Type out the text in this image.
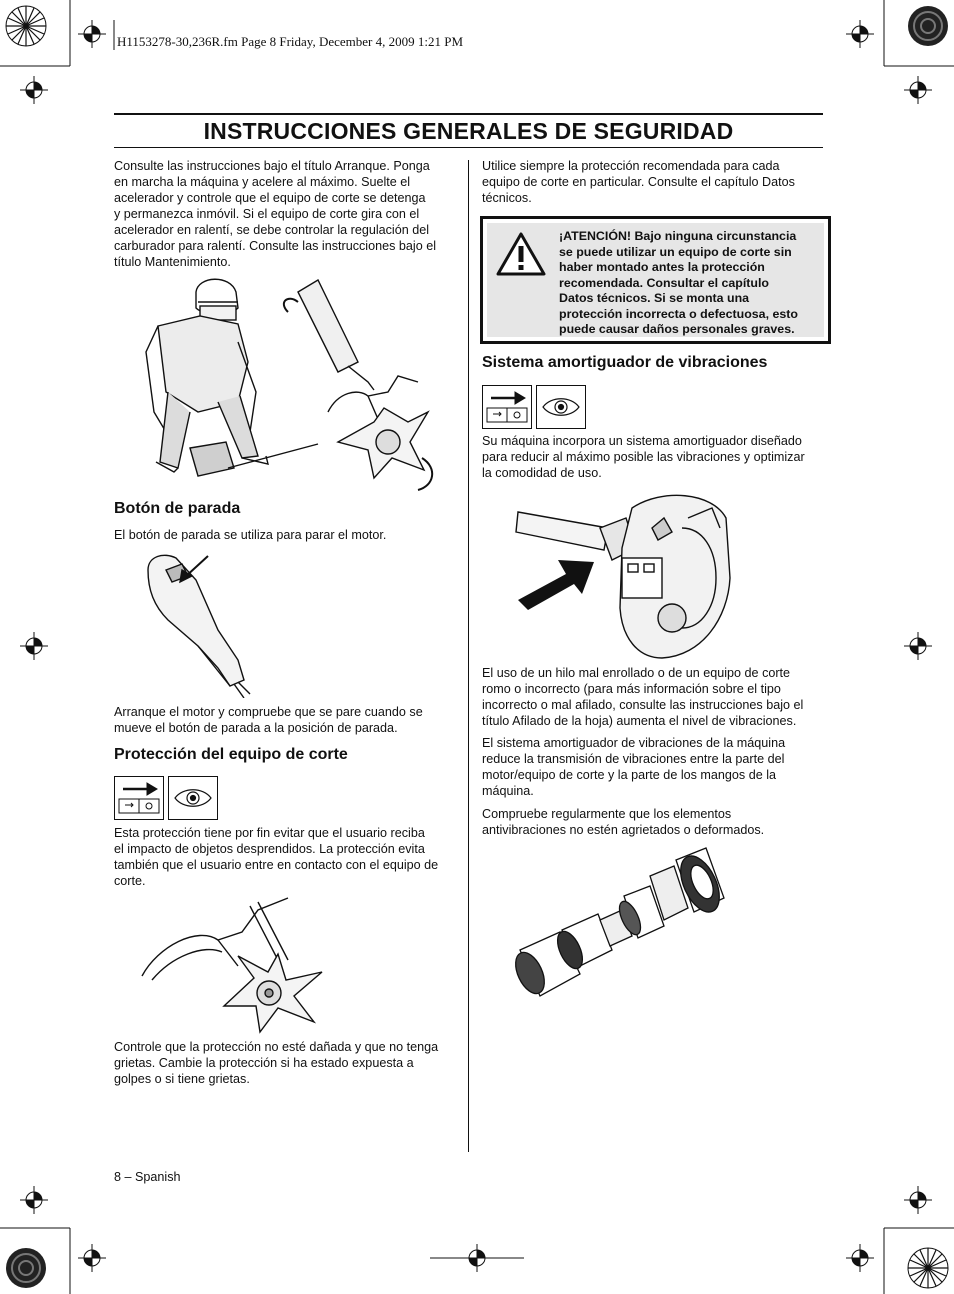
H1153278-30,236R.fm Page 8 Friday, December 4, 2009 1:21 PM
INSTRUCCIONES GENERALES DE SEGURIDAD
Consulte las instrucciones bajo el título Arranque. Ponga
en marcha la máquina y acelere al máximo. Suelte el
acelerador y controle que el equipo de corte se detenga
y permanezca inmóvil. Si el equipo de corte gira con el
acelerador en ralentí, se debe controlar la regulación del
carburador para ralentí. Consulte las instrucciones bajo el
título Mantenimiento.
Botón de parada
El botón de parada se utiliza para parar el motor.
Arranque el motor y compruebe que se pare cuando se
mueve el botón de parada a la posición de parada.
Protección del equipo de corte
Esta protección tiene por fin evitar que el usuario reciba
el impacto de objetos desprendidos. La protección evita
también que el usuario entre en contacto con el equipo de
corte.
Controle que la protección no esté dañada y que no tenga
grietas. Cambie la protección si ha estado expuesta a
golpes o si tiene grietas.
Utilice siempre la protección recomendada para cada
equipo de corte en particular. Consulte el capítulo Datos
técnicos.
¡ATENCIÓN! Bajo ninguna circunstancia
se puede utilizar un equipo de corte sin
haber montado antes la protección
recomendada. Consultar el capítulo
Datos técnicos. Si se monta una
protección incorrecta o defectuosa, esto
puede causar daños personales graves.
Sistema amortiguador de vibraciones
Su máquina incorpora un sistema amortiguador diseñado
para reducir al máximo posible las vibraciones y optimizar
la comodidad de uso.
El uso de un hilo mal enrollado o de un equipo de corte
romo o incorrecto (para más información sobre el tipo
incorrecto o mal afilado, consulte las instrucciones bajo el
título Afilado de la hoja) aumenta el nivel de vibraciones.
El sistema amortiguador de vibraciones de la máquina
reduce la transmisión de vibraciones entre la parte del
motor/equipo de corte y la parte de los mangos de la
máquina.
Compruebe regularmente que los elementos
antivibraciones no estén agrietados o deformados.
8 – Spanish
